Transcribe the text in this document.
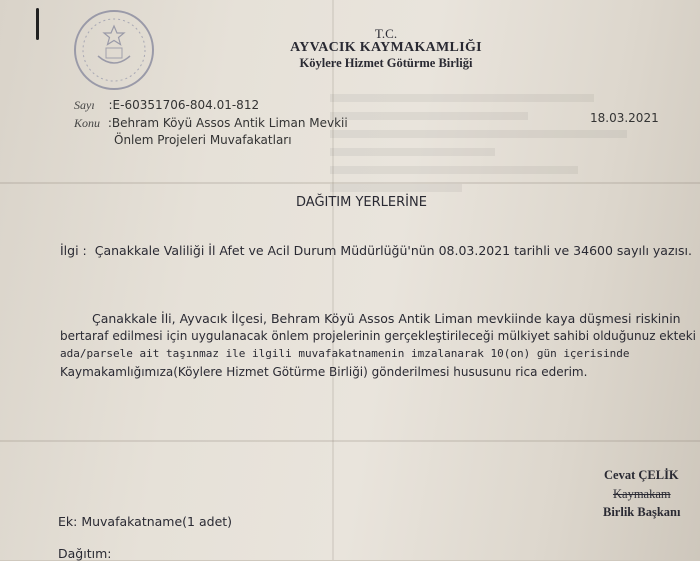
T.C.
AYVACIK KAYMAKAMLIĞI
Köylere Hizmet Götürme Birliği
Sayı :E-60351706-804.01-812
Konu :Behram Köyü Assos Antik Liman Mevkii
Önlem Projeleri Muvafakatları
18.03.2021
DAĞITIM YERLERİNE
İlgi : Çanakkale Valiliği İl Afet ve Acil Durum Müdürlüğü'nün 08.03.2021 tarihli ve 34600 sayılı yazısı.
Çanakkale İli, Ayvacık İlçesi, Behram Köyü Assos Antik Liman mevkiinde kaya düşmesi riskinin
bertaraf edilmesi için uygulanacak önlem projelerinin gerçekleştirileceği mülkiyet sahibi olduğunuz ekteki
ada/parsele ait taşınmaz ile ilgili muvafakatnamenin imzalanarak 10(on) gün içerisinde
Kaymakamlığımıza(Köylere Hizmet Götürme Birliği) gönderilmesi hususunu rica ederim.
Cevat ÇELİK
Kaymakam
Birlik Başkanı
Ek: Muvafakatname(1 adet)
Dağıtım:
